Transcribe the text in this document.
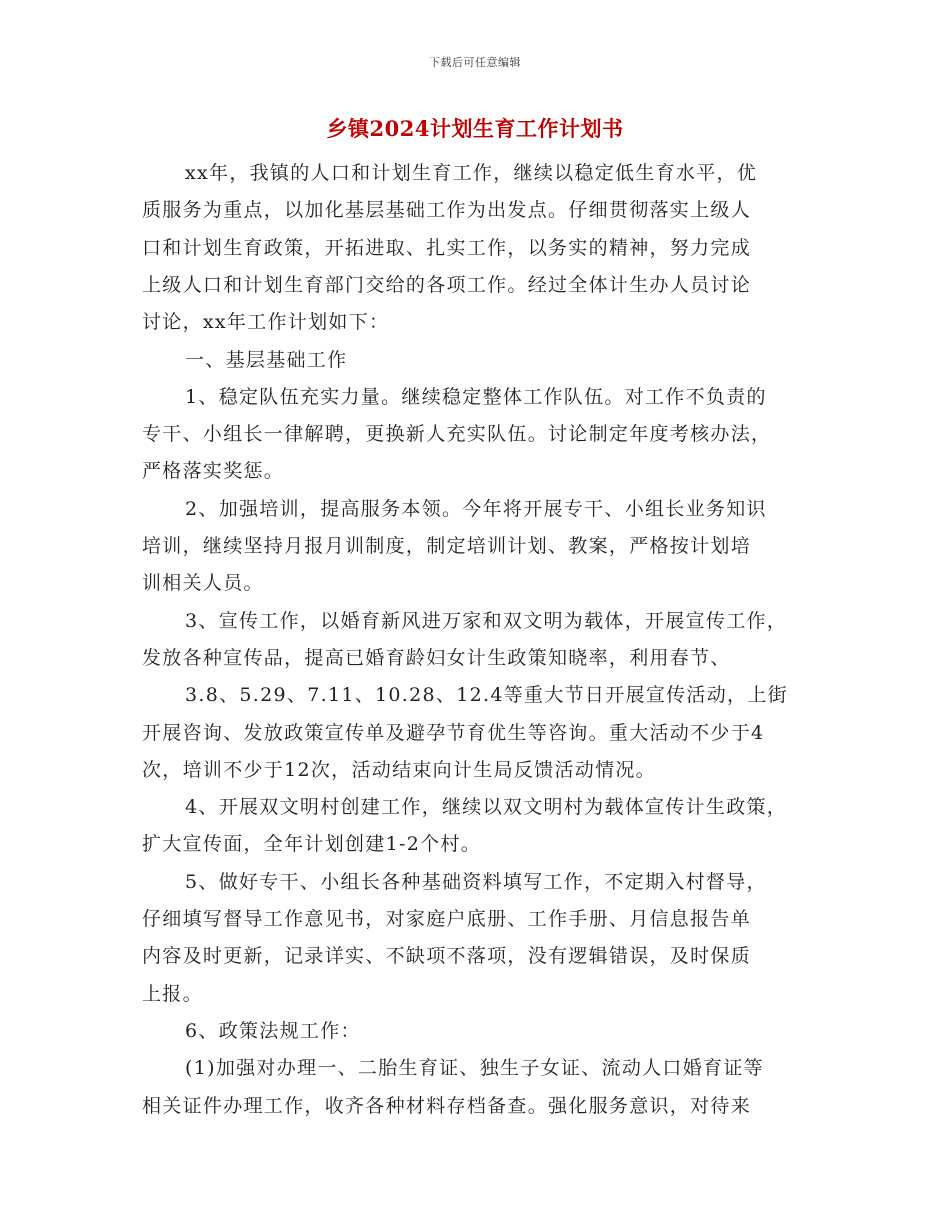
下载后可任意编辑
乡镇2024计划生育工作计划书
xx年，我镇的人口和计划生育工作，继续以稳定低生育水平，优
质服务为重点，以加化基层基础工作为出发点。仔细贯彻落实上级人
口和计划生育政策，开拓进取、扎实工作，以务实的精神，努力完成
上级人口和计划生育部门交给的各项工作。经过全体计生办人员讨论
讨论，xx年工作计划如下：
一、基层基础工作
1、稳定队伍充实力量。继续稳定整体工作队伍。对工作不负责的
专干、小组长一律解聘，更换新人充实队伍。讨论制定年度考核办法，
严格落实奖惩。
2、加强培训，提高服务本领。今年将开展专干、小组长业务知识
培训，继续坚持月报月训制度，制定培训计划、教案，严格按计划培
训相关人员。
3、宣传工作，以婚育新风进万家和双文明为载体，开展宣传工作，
发放各种宣传品，提高已婚育龄妇女计生政策知晓率，利用春节、
3.8、5.29、7.11、10.28、12.4等重大节日开展宣传活动，上街
开展咨询、发放政策宣传单及避孕节育优生等咨询。重大活动不少于4
次，培训不少于12次，活动结束向计生局反馈活动情况。
4、开展双文明村创建工作，继续以双文明村为载体宣传计生政策，
扩大宣传面，全年计划创建1-2个村。
5、做好专干、小组长各种基础资料填写工作，不定期入村督导，
仔细填写督导工作意见书，对家庭户底册、工作手册、月信息报告单
内容及时更新，记录详实、不缺项不落项，没有逻辑错误，及时保质
上报。
6、政策法规工作：
(1)加强对办理一、二胎生育证、独生子女证、流动人口婚育证等
相关证件办理工作，收齐各种材料存档备查。强化服务意识，对待来
